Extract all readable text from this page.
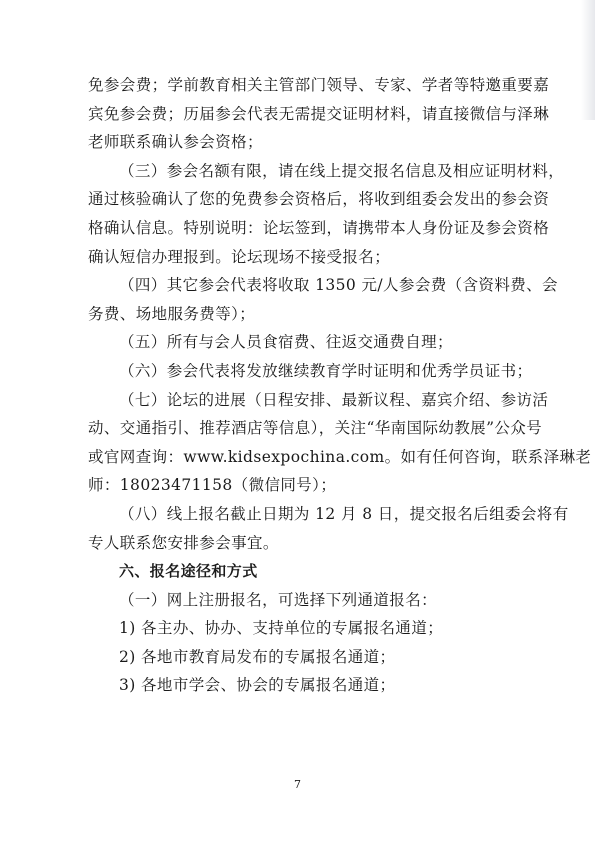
免参会费；学前教育相关主管部门领导、专家、学者等特邀重要嘉
宾免参会费；历届参会代表无需提交证明材料，请直接微信与泽琳
老师联系确认参会资格；
（三）参会名额有限，请在线上提交报名信息及相应证明材料，
通过核验确认了您的免费参会资格后，将收到组委会发出的参会资
格确认信息。特别说明：论坛签到，请携带本人身份证及参会资格
确认短信办理报到。论坛现场不接受报名；
（四）其它参会代表将收取 1350 元/人参会费（含资料费、会
务费、场地服务费等）；
（五）所有与会人员食宿费、往返交通费自理；
（六）参会代表将发放继续教育学时证明和优秀学员证书；
（七）论坛的进展（日程安排、最新议程、嘉宾介绍、参访活
动、交通指引、推荐酒店等信息），关注“华南国际幼教展”公众号
或官网查询：www.kidsexpochina.com。如有任何咨询，联系泽琳老
师：18023471158（微信同号）；
（八）线上报名截止日期为 12 月 8 日，提交报名后组委会将有
专人联系您安排参会事宜。
六、报名途径和方式
（一）网上注册报名，可选择下列通道报名：
1) 各主办、协办、支持单位的专属报名通道；
2) 各地市教育局发布的专属报名通道；
3) 各地市学会、协会的专属报名通道；
7
